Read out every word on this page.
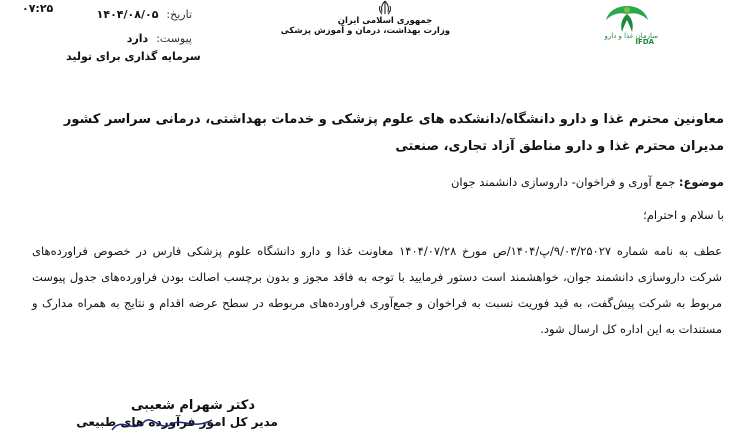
سازمان غذا و دارو
IFDA
جمهوری اسلامی ایران
وزارت بهداشت، درمان و آموزش پزشکی
۰۷:۲۵	تاریخ:
۱۴۰۴/۰۸/۰۵
پیوست:
دارد
سرمایه گذاری برای تولید
معاونین محترم غذا و دارو دانشگاه/دانشکده های علوم پزشکی و خدمات بهداشتی، درمانی سراسر کشور
مدیران محترم غذا و دارو مناطق آزاد تجاری، صنعتی
موضوع: جمع آوری و فراخوان- داروسازی دانشمند جوان
با سلام و احترام؛
عطف به نامه شماره ۹/۰۳/۲۵۰۲۷/پ/۱۴۰۴/ص مورخ ۱۴۰۴/۰۷/۲۸ معاونت غذا و دارو دانشگاه علوم پزشکی فارس در خصوص فراورده‌های شرکت داروسازی دانشمند جوان، خواهشمند است دستور فرمایید با توجه به فاقد مجوز و بدون برچسب اصالت بودن فراورده‌های جدول پیوست مربوط به شرکت پیش‌گفت، به قید فوریت نسبت به فراخوان و جمع‌آوری فراورده‌های مربوطه در سطح عرضه اقدام و نتایج به همراه مدارک و مستندات به این اداره کل ارسال شود.
دکتر شهرام شعیبی
مدیر کل امور فرآورده های طبیعی
